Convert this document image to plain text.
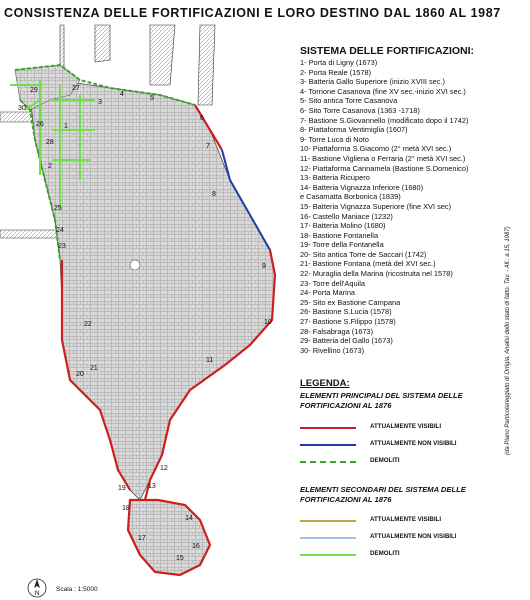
CONSISTENZA DELLE FORTIFICAZIONI E LORO DESTINO DAL 1860 AL 1987
1
2
3
4
5
6
7
8
9
10
11
12
13
14
15
16
17
18
19
20
21
22
23
24
25
26
27
28
29
30
SISTEMA DELLE FORTIFICAZIONI:
1- Porta di Ligny (1673)
2- Porta Reale (1578)
3- Batteria Gallo Superiore (inizio XVIII sec.)
4- Torrione Casanova (fine XV sec.-inizio XVI sec.)
5- Sito antica Torre Casanova
6- Sito Torre Casanova (1363 -1718)
7- Bastione S.Giovannello (modificato dopo il 1742)
8- Piattaforma Ventimiglia (1607)
9- Torre Luca di Noto
10- Piattaforma S.Giacomo (2° metà XVI sec.)
11- Bastione Vigliena o Ferraria (2° metà XVI sec.)
12- Piattaforma Cannamela (Bastione S.Domenico)
13- Batteria Ricupero
14- Batteria Vignazza Inferiore (1680)
e Casamatta Borbonica (1839)
15- Batteria Vignazza Superiore (fine XVI sec)
16- Castello Maniace (1232)
17- Batteria Molino (1680)
18- Bastione Fontanella
19- Torre della Fontanella
20- Sito antica Torre de Saccari (1742)
21- Bastione Fontana (metà del XVI sec.)
22- Muraglia della Marina (ricostruita nel 1578)
23- Torre dell'Aquila
24- Porta Marina
25- Sito ex Bastione Campana
26- Bastione S.Lucia (1578)
27- Bastione S.Filippo (1578)
28- Falsabraga (1673)
29- Batteria del Gallo (1673)
30- Rivellino (1673)
LEGENDA:
ELEMENTI PRINCIPALI DEL SISTEMA DELLE FORTIFICAZIONI AL 1876
ELEMENTI SECONDARI DEL SISTEMA DELLE FORTIFICAZIONI AL 1876
ATTUALMENTE VISIBILI
ATTUALMENTE NON VISIBILI
DEMOLITI
ATTUALMENTE VISIBILI
ATTUALMENTE NON VISIBILI
DEMOLITI
(da Piano Particolareggiato di Ortigia. Analisi dello stato di fatto. Tav. - All.: a 15, 1987)
N
Scala : 1:5000
